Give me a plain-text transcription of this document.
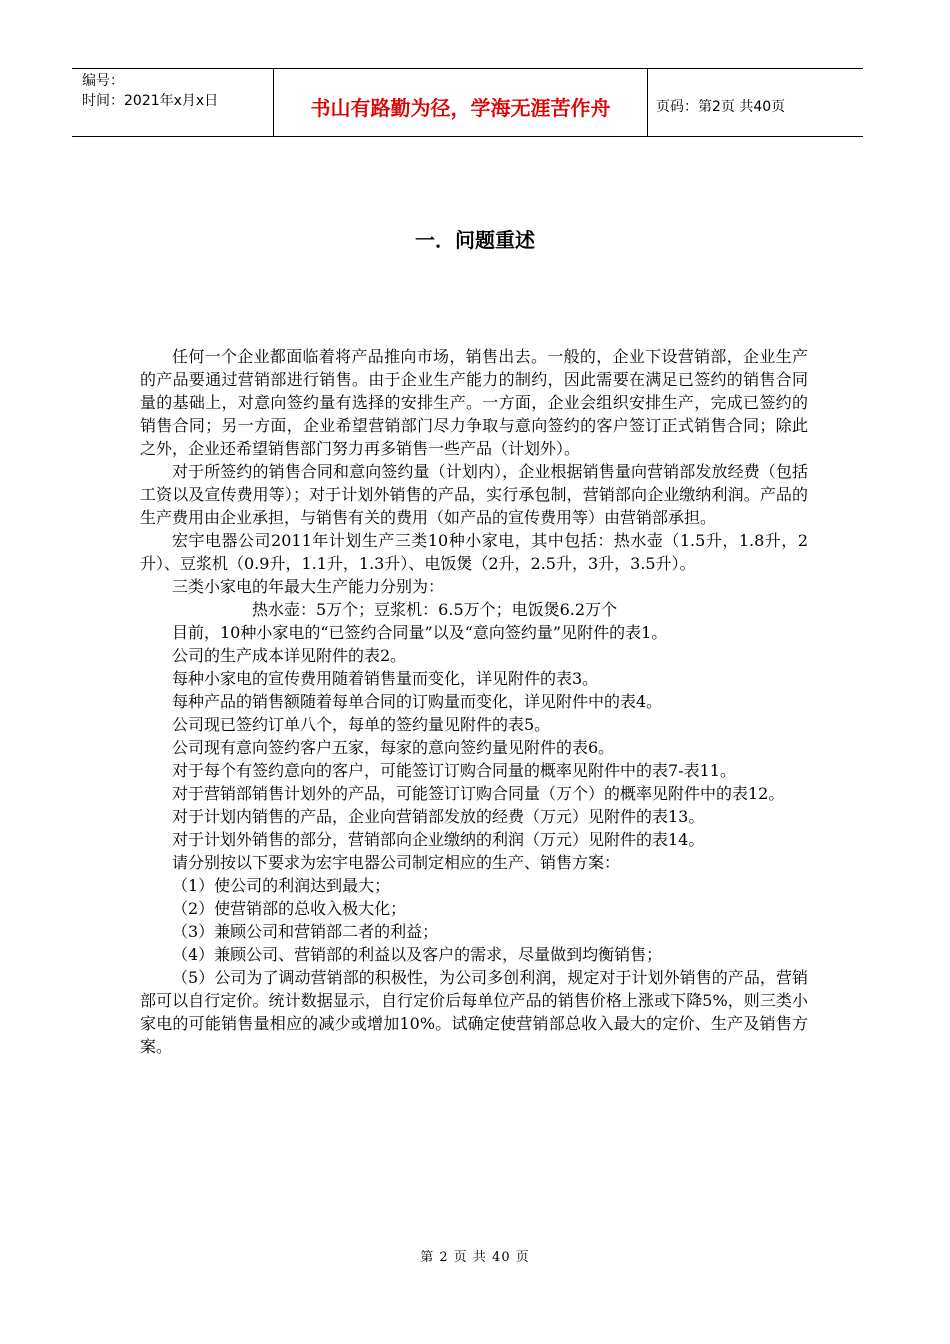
编号：
时间：2021年x月x日	书山有路勤为径，学海无涯苦作舟	页码：第2页 共40页
一．问题重述

任何一个企业都面临着将产品推向市场，销售出去。一般的，企业下设营销部，企业生产的产品要通过营销部进行销售。由于企业生产能力的制约，因此需要在满足已签约的销售合同量的基础上，对意向签约量有选择的安排生产。一方面，企业会组织安排生产，完成已签约的销售合同；另一方面，企业希望营销部门尽力争取与意向签约的客户签订正式销售合同；除此之外，企业还希望销售部门努力再多销售一些产品（计划外）。

对于所签约的销售合同和意向签约量（计划内），企业根据销售量向营销部发放经费（包括工资以及宣传费用等）；对于计划外销售的产品，实行承包制，营销部向企业缴纳利润。产品的生产费用由企业承担，与销售有关的费用（如产品的宣传费用等）由营销部承担。

宏宇电器公司2011年计划生产三类10种小家电，其中包括：热水壶（1.5升，1.8升，2升）、豆浆机（0.9升，1.1升，1.3升）、电饭煲（2升，2.5升，3升，3.5升）。

三类小家电的年最大生产能力分别为：

热水壶：5万个；豆浆机：6.5万个；电饭煲6.2万个

目前，10种小家电的“已签约合同量”以及“意向签约量”见附件的表1。

公司的生产成本详见附件的表2。

每种小家电的宣传费用随着销售量而变化，详见附件的表3。

每种产品的销售额随着每单合同的订购量而变化，详见附件中的表4。

公司现已签约订单八个，每单的签约量见附件的表5。

公司现有意向签约客户五家，每家的意向签约量见附件的表6。

对于每个有签约意向的客户，可能签订订购合同量的概率见附件中的表7-表11。

对于营销部销售计划外的产品，可能签订订购合同量（万个）的概率见附件中的表12。

对于计划内销售的产品，企业向营销部发放的经费（万元）见附件的表13。

对于计划外销售的部分，营销部向企业缴纳的利润（万元）见附件的表14。

请分别按以下要求为宏宇电器公司制定相应的生产、销售方案：

（1）使公司的利润达到最大；

（2）使营销部的总收入极大化；

（3）兼顾公司和营销部二者的利益；

（4）兼顾公司、营销部的利益以及客户的需求，尽量做到均衡销售；

（5）公司为了调动营销部的积极性，为公司多创利润，规定对于计划外销售的产品，营销部可以自行定价。统计数据显示，自行定价后每单位产品的销售价格上涨或下降5%，则三类小家电的可能销售量相应的减少或增加10%。试确定使营销部总收入最大的定价、生产及销售方案。

第 2 页 共 40 页
